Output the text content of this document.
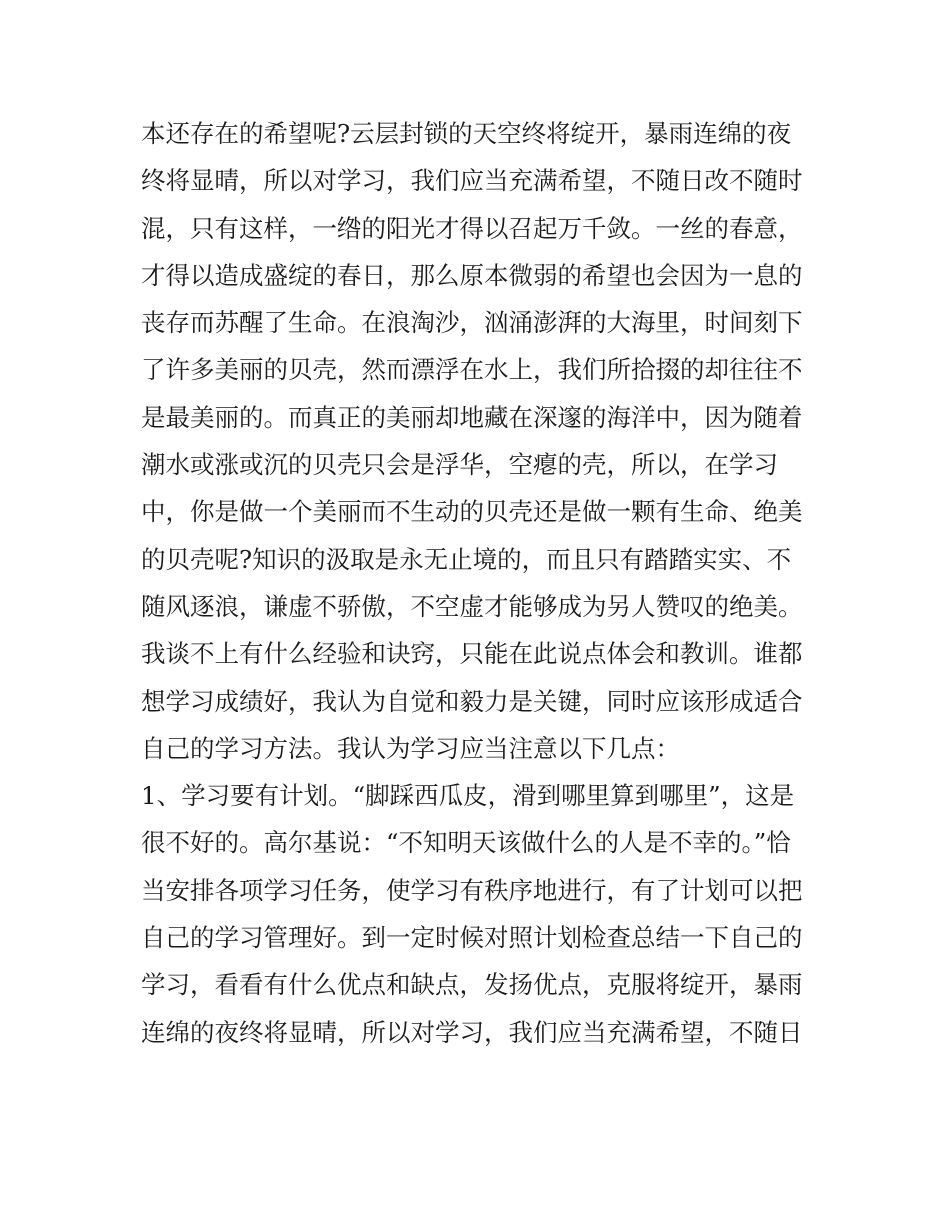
本还存在的希望呢?云层封锁的天空终将绽开，暴雨连绵的夜
终将显晴，所以对学习，我们应当充满希望，不随日改不随时
混，只有这样，一绺的阳光才得以召起万千敛。一丝的春意，
才得以造成盛绽的春日，那么原本微弱的希望也会因为一息的
丧存而苏醒了生命。在浪淘沙，汹涌澎湃的大海里，时间刻下
了许多美丽的贝壳，然而漂浮在水上，我们所拾掇的却往往不
是最美丽的。而真正的美丽却地藏在深邃的海洋中，因为随着
潮水或涨或沉的贝壳只会是浮华，空瘪的壳，所以，在学习
中，你是做一个美丽而不生动的贝壳还是做一颗有生命、绝美
的贝壳呢?知识的汲取是永无止境的，而且只有踏踏实实、不
随风逐浪，谦虚不骄傲，不空虚才能够成为另人赞叹的绝美。
我谈不上有什么经验和诀窍，只能在此说点体会和教训。谁都
想学习成绩好，我认为自觉和毅力是关键，同时应该形成适合
自己的学习方法。我认为学习应当注意以下几点：
1、学习要有计划。“脚踩西瓜皮，滑到哪里算到哪里”，这是
很不好的。高尔基说：“不知明天该做什么的人是不幸的。”恰
当安排各项学习任务，使学习有秩序地进行，有了计划可以把
自己的学习管理好。到一定时候对照计划检查总结一下自己的
学习，看看有什么优点和缺点，发扬优点，克服将绽开，暴雨
连绵的夜终将显晴，所以对学习，我们应当充满希望，不随日
